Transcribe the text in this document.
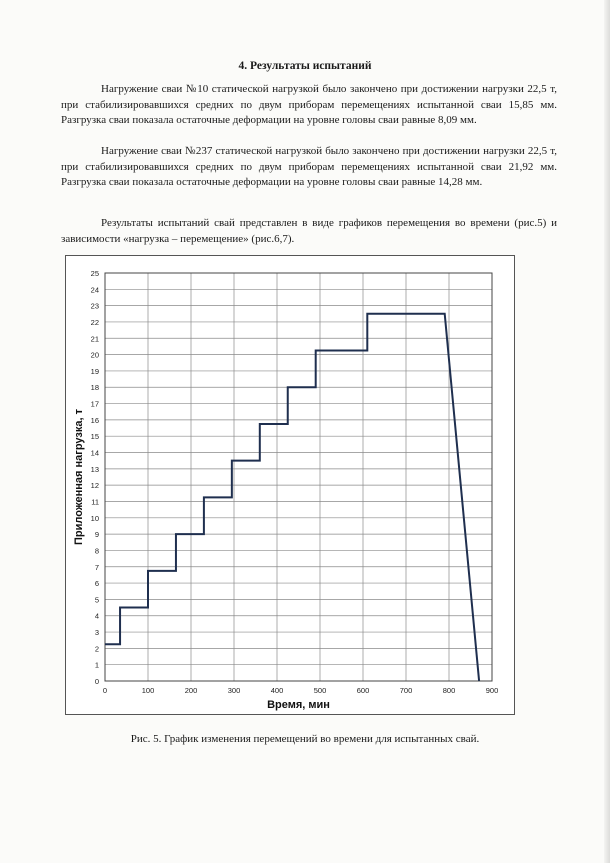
4. Результаты испытаний

Нагружение сваи №10 статической нагрузкой было закончено при достижении нагрузки 22,5 т, при стабилизировавшихся средних по двум приборам перемещениях испытанной сваи 15,85 мм. Разгрузка сваи показала остаточные деформации на уровне головы сваи равные 8,09 мм.

Нагружение сваи №237 статической нагрузкой было закончено при достижении нагрузки 22,5 т, при стабилизировавшихся средних по двум приборам перемещениях испытанной сваи 21,92 мм. Разгрузка сваи показала остаточные деформации на уровне головы сваи равные 14,28 мм.

Результаты испытаний свай представлен в виде графиков перемещения во времени (рис.5) и зависимости «нагрузка – перемещение» (рис.6,7).

0
1
2
3
4
5
6
7
8
9
10
11
12
13
14
15
16
17
18
19
20
21
22
23
24
25
0	100	200	300	400	500	600	700	800	900
Время, мин
Приложенная нагрузка, т
Рис. 5. График изменения перемещений во времени для испытанных свай.
